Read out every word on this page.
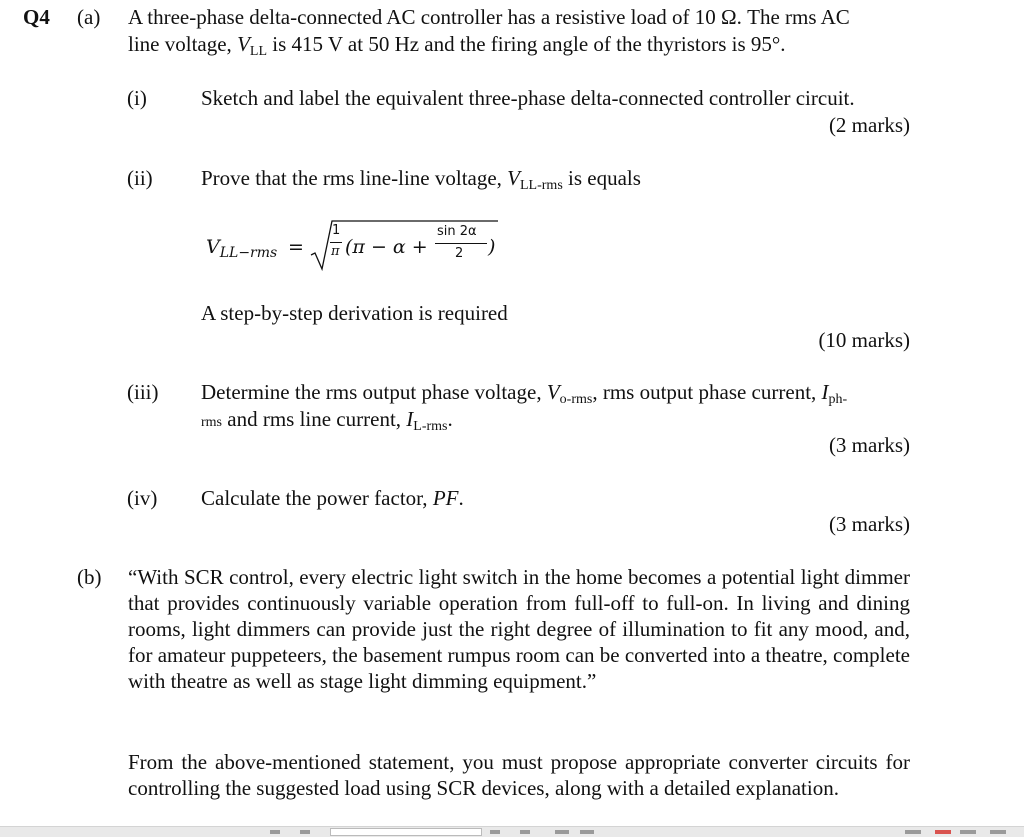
Q4 (a) A three-phase delta-connected AC controller has a resistive load of 10 Ω. The rms AC
line voltage, $V_{LL}$ is 415 V at 50 Hz and the firing angle of the thyristors is 95°.
(i)	Sketch and label the equivalent three-phase delta-connected controller circuit.
(2 marks)
(ii) Prove that the rms line-line voltage, $V_{LL-rms}$ is equals
$V_{LL-rms}$ =
1
π (π − α +
sin 2α
2 )
A step-by-step derivation is required
(10 marks)
(iii) Determine the rms output phase voltage, $V_{o-rms}$, rms output phase current, $I_{ph-}$
rms and rms line current, $I_{L-rms}$.
(3 marks)
(iv) Calculate the power factor, PF.
(3 marks)
(b) “With SCR control, every electric light switch in the home becomes a potential light dimmer that provides continuously variable operation from full-off to full-on. In living and dining rooms, light dimmers can provide just the right degree of illumination to fit any mood, and, for amateur puppeteers, the basement rumpus room can be converted into a theatre, complete with theatre as well as stage light dimming equipment.”
From the above-mentioned statement, you must propose appropriate converter circuits for controlling the suggested load using SCR devices, along with a detailed explanation.
